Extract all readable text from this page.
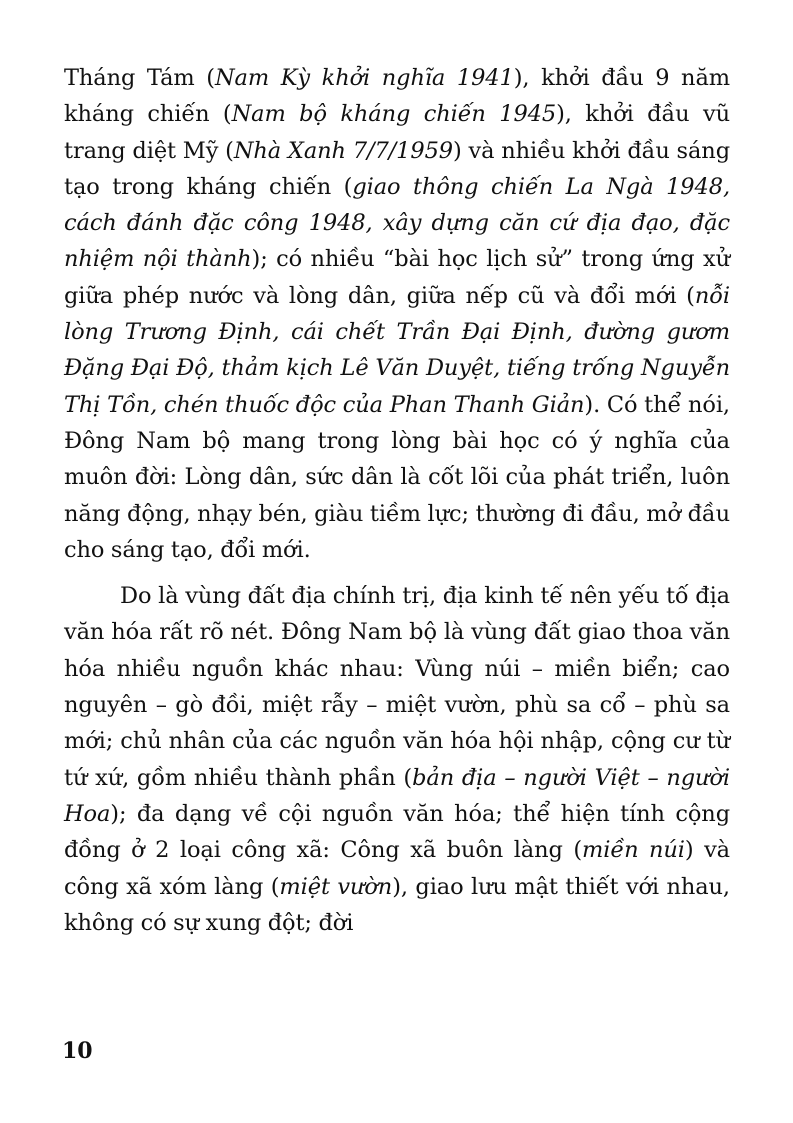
Tháng Tám (Nam Kỳ khởi nghĩa 1941), khởi đầu 9 năm kháng chiến (Nam bộ kháng chiến 1945), khởi đầu vũ trang diệt Mỹ (Nhà Xanh 7/7/1959) và nhiều khởi đầu sáng tạo trong kháng chiến (giao thông chiến La Ngà 1948, cách đánh đặc công 1948, xây dựng căn cứ địa đạo, đặc nhiệm nội thành); có nhiều “bài học lịch sử” trong ứng xử giữa phép nước và lòng dân, giữa nếp cũ và đổi mới (nỗi lòng Trương Định, cái chết Trần Đại Định, đường gươm Đặng Đại Độ, thảm kịch Lê Văn Duyệt, tiếng trống Nguyễn Thị Tồn, chén thuốc độc của Phan Thanh Giản). Có thể nói, Đông Nam bộ mang trong lòng bài học có ý nghĩa của muôn đời: Lòng dân, sức dân là cốt lõi của phát triển, luôn năng động, nhạy bén, giàu tiềm lực; thường đi đầu, mở đầu cho sáng tạo, đổi mới.

Do là vùng đất địa chính trị, địa kinh tế nên yếu tố địa văn hóa rất rõ nét. Đông Nam bộ là vùng đất giao thoa văn hóa nhiều nguồn khác nhau: Vùng núi – miền biển; cao nguyên – gò đồi, miệt rẫy – miệt vườn, phù sa cổ – phù sa mới; chủ nhân của các nguồn văn hóa hội nhập, cộng cư từ tứ xứ, gồm nhiều thành phần (bản địa – người Việt – người Hoa); đa dạng về cội nguồn văn hóa; thể hiện tính cộng đồng ở 2 loại công xã: Công xã buôn làng (miền núi) và công xã xóm làng (miệt vườn), giao lưu mật thiết với nhau, không có sự xung đột; đời

10
